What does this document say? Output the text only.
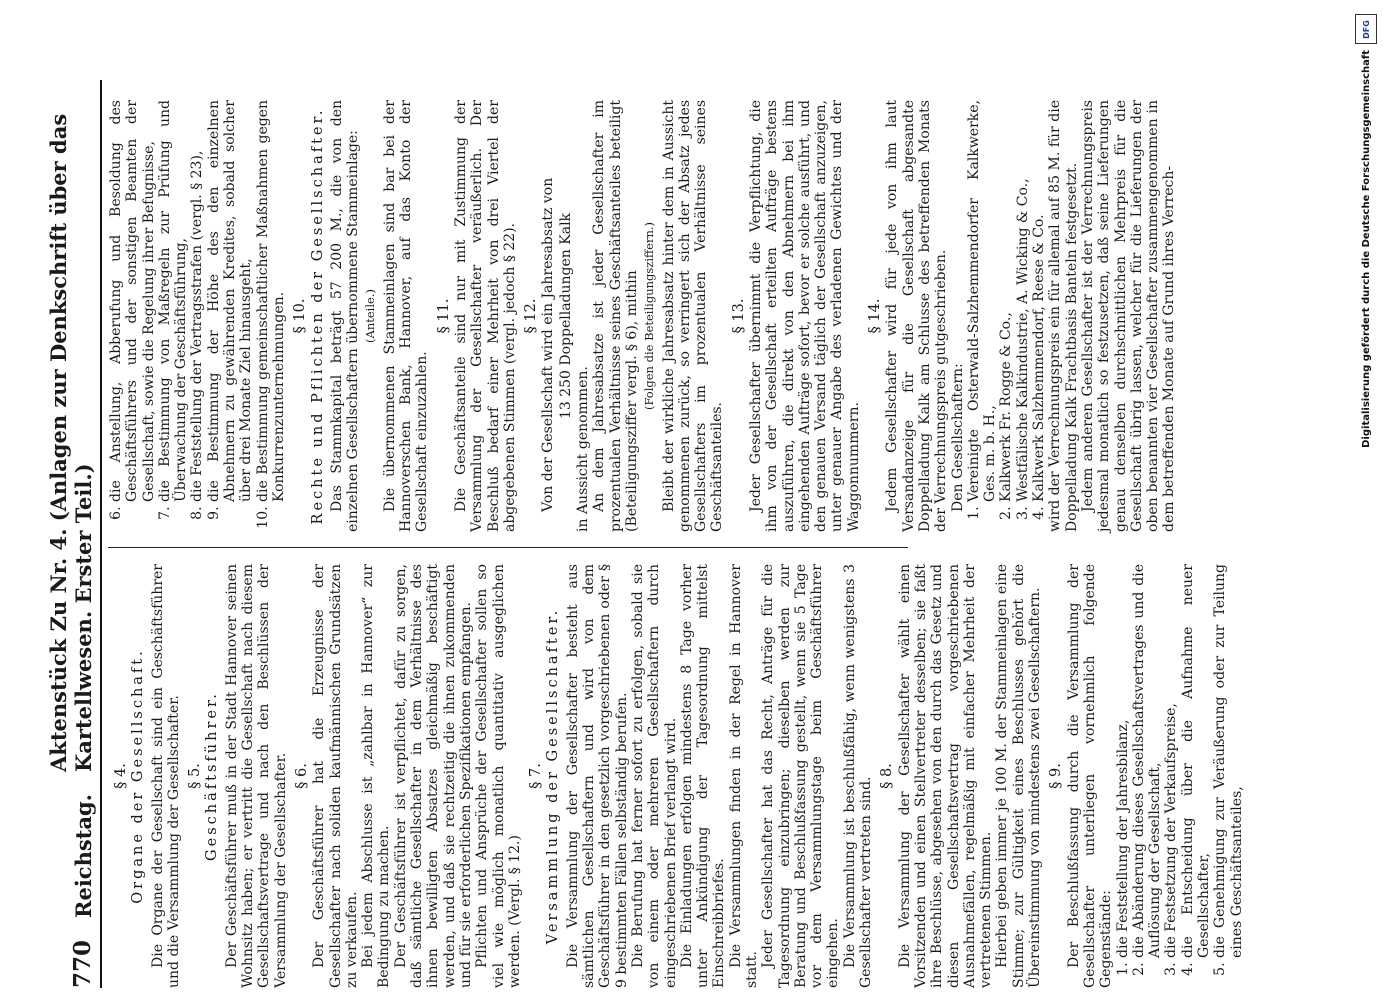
770
Reichstag.
Aktenstück Zu Nr. 4. (Anlagen zur Denkschrift über das Kartellwesen. Erster Teil.)

§ 4. Organe der Gesellschaft. Die Organe der Gesellschaft sind ein Geschäftsführer und die Versammlung der Gesellschafter. § 5. Geschäftsführer. Der Geschäftsführer muß in der Stadt Hannover seinen Wohnsitz haben; er vertritt die Gesellschaft nach diesem Gesellschaftsvertrage und nach den Beschlüssen der Versammlung der Gesellschafter. § 6. Der Geschäftsführer hat die Erzeugnisse der Gesellschafter nach soliden kaufmännischen Grundsätzen zu verkaufen. Bei jedem Abschlusse ist „zahlbar in Hannover“ zur Bedingung zu machen. Der Geschäftsführer ist verpflichtet, dafür zu sorgen, daß sämtliche Gesellschafter in dem Verhältnisse des ihnen bewilligten Absatzes gleichmäßig beschäftigt werden, und daß sie rechtzeitig die ihnen zukommenden und für sie erforderlichen Spezifikationen empfangen. Pflichten und Ansprüche der Gesellschafter sollen so viel wie möglich monatlich quantitativ ausgeglichen werden. (Vergl. § 12.)

§ 7. Versammlung der Gesellschafter. Die Versammlung der Gesellschafter besteht aus sämtlichen Gesellschaftern und wird von dem Geschäftsführer in den gesetzlich vorgeschriebenen oder § 9 bestimmten Fällen selbständig berufen. Die Berufung hat ferner sofort zu erfolgen, sobald sie von einem oder mehreren Gesellschaftern durch eingeschriebenen Brief verlangt wird. Die Einladungen erfolgen mindestens 8 Tage vorher unter Ankündigung der Tagesordnung mittelst Einschreibbriefes. Die Versammlungen finden in der Regel in Hannover statt.

Jeder Gesellschafter hat das Recht, Anträge für die Tagesordnung einzubringen; dieselben werden zur Beratung und Beschlußfassung gestellt, wenn sie 5 Tage vor dem Versammlungstage beim Geschäftsführer eingehen. Die Versammlung ist beschlußfähig, wenn wenigstens 3 Gesellschafter vertreten sind.

§ 8. Die Versammlung der Gesellschafter wählt einen Vorsitzenden und einen Stellvertreter desselben; sie faßt ihre Beschlüsse, abgesehen von den durch das Gesetz und diesen Gesellschaftsvertrag vorgeschriebenen Ausnahmefällen, regelmäßig mit einfacher Mehrheit der vertretenen Stimmen. Hierbei geben immer je 100 M. der Stammeinlagen eine Stimme; zur Gültigkeit eines Beschlusses gehört die Übereinstimmung von mindestens zwei Gesellschaftern. § 9. Der Beschlußfassung durch die Versammlung der Gesellschafter unterliegen vornehmlich folgende Gegenstände: 1. die Feststellung der Jahresbilanz, 2. die Abänderung dieses Gesellschaftsvertrages und die Auflösung der Gesellschaft, 3. die Festsetzung der Verkaufspreise, 4. die Entscheidung über die Aufnahme neuer Gesellschafter, 5. die Genehmigung zur Veräußerung oder zur Teilung eines Geschäftsanteiles,
6. die Anstellung, Abberufung und Besoldung des Geschäftsführers und der sonstigen Beamten der Gesellschaft, sowie die Regelung ihrer Befugnisse, 7. die Bestimmung von Maßregeln zur Prüfung und Überwachung der Geschäftsführung, 8. die Feststellung der Vertragsstrafen (vergl. § 23), 9. die Bestimmung der Höhe des den einzelnen Abnehmern zu gewährenden Kredites, sobald solcher über drei Monate Ziel hinausgeht, 10. die Bestimmung gemeinschaftlicher Maßnahmen gegen Konkurrenzunternehmungen. § 10. Rechte und Pflichten der Gesellschafter. Das Stammkapital beträgt 57 200 M., die von den einzelnen Gesellschaftern übernommene Stammeinlage: (Anteile.) Die übernommenen Stammeinlagen sind bar bei der Hannoverschen Bank, Hannover, auf das Konto der Gesellschaft einzuzahlen.

§ 11. Die Geschäftsanteile sind nur mit Zustimmung der Versammlung der Gesellschafter veräußerlich. Der Beschluß bedarf einer Mehrheit von drei Viertel der abgegebenen Stimmen (vergl. jedoch § 22). § 12. Von der Gesellschaft wird ein Jahresabsatz von 13 250 Doppelladungen Kalk

in Aussicht genommen. An dem Jahresabsatze ist jeder Gesellschafter im prozentualen Verhältnisse seines Geschäftsanteiles beteiligt (Beteiligungsziffer vergl. § 6), mithin (Folgen die Beteiligungsziffern.) Bleibt der wirkliche Jahresabsatz hinter dem in Aussicht genommenen zurück, so verringert sich der Absatz jedes Gesellschafters im prozentualen Verhältnisse seines Geschäftsanteiles.

§ 13. Jeder Gesellschafter übernimmt die Verpflichtung, die ihm von der Gesellschaft erteilten Aufträge bestens auszuführen, die direkt von den Abnehmern bei ihm eingehenden Aufträge sofort, bevor er solche ausführt, und den genauen Versand täglich der Gesellschaft anzuzeigen, unter genauer Angabe des verladenen Gewichtes und der Waggonnummern.

§ 14. Jedem Gesellschafter wird für jede von ihm laut Versandanzeige für die Gesellschaft abgesandte Doppelladung Kalk am Schlusse des betreffenden Monats der Verrechnungspreis gutgeschrieben. Den Gesellschaftern: 1. Vereinigte Osterwald-Salzhemmendorfer Kalkwerke, Ges. m. b. H., 2. Kalkwerk Fr. Rogge & Co., 3. Westfälische Kalkindustrie, A. Wicking & Co., 4. Kalkwerk Salzhemmendorf, Reese & Co. wird der Verrechnungspreis ein für allemal auf 85 M. für die Doppelladung Kalk Frachtbasis Banteln festgesetzt. Jedem anderen Gesellschafter ist der Verrechnungspreis jedesmal monatlich so festzusetzen, daß seine Lieferungen genau denselben durchschnittlichen Mehrpreis für die Gesellschaft übrig lassen, welcher für die Lieferungen der oben benannten vier Gesellschafter zusammengenommen in dem betreffenden Monate auf Grund ihres Verrech-

DFG
Digitalisierung gefördert durch die Deutsche Forschungsgemeinschaft
